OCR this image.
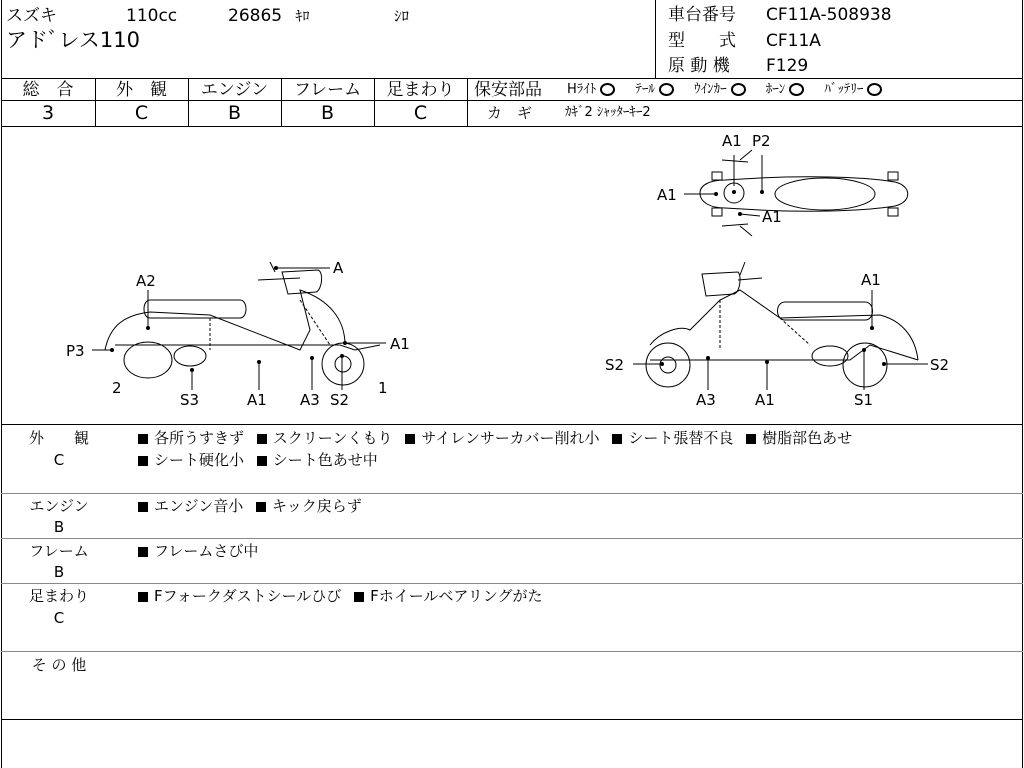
スズキ	110cc	26865 ｷﾛ	ｼﾛ
アドﾞレス110
車台番号 CF11A-508938
型　　式 CF11A
原 動 機 F129
総　合	外　観	エンジン	フレーム	足まわり
3	C	B	B	C
保安部品 Hﾗｲﾄ	ﾃｰﾙ	ｳｲﾝｶｰ	ﾎｰﾝ	ﾊﾞｯﾃﾘｰ
カ　ギ	ｶｷﾞ2 ｼｬｯﾀｰｷｰ2
A1 P2
A1
A1
A
A2
P3	A1
2
S3	A1 A3 S2
1
A1
S2	S2
A3	A1	S1
外　　観
C
各所うすきず スクリーンくもり サイレンサーカバー削れ小 シート張替不良 樹脂部色あせ
シート硬化小 シート色あせ中
エンジン
B
エンジン音小 キック戻らず
フレーム
B
フレームさび中
足まわり
C
Fフォークダストシールひび Fホイールベアリングがた
そ の 他
